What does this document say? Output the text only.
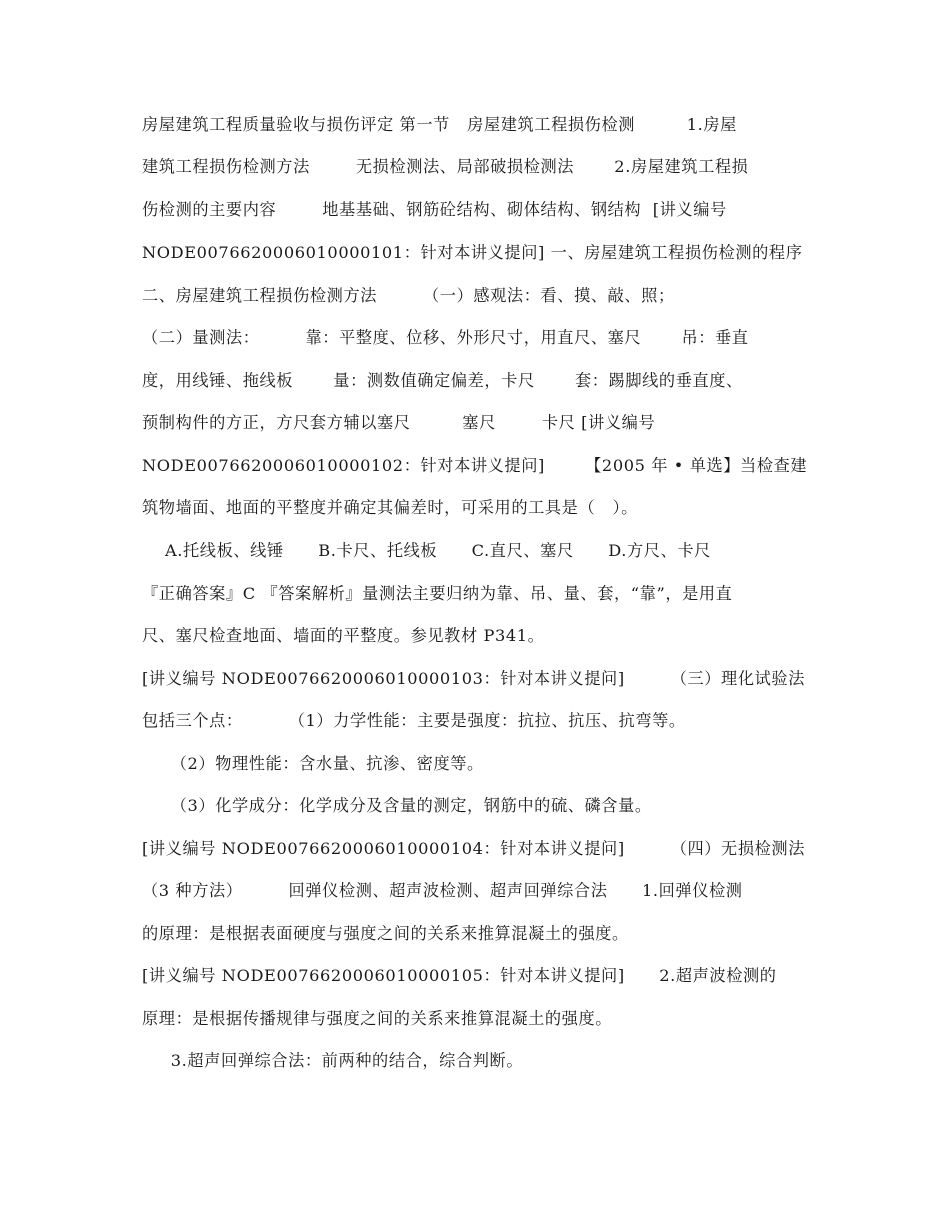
房屋建筑工程质量验收与损伤评定 第一节   房屋建筑工程损伤检测         1.房屋
建筑工程损伤检测方法        无损检测法、局部破损检测法       2.房屋建筑工程损
伤检测的主要内容        地基基础、钢筋砼结构、砌体结构、钢结构  [讲义编号
NODE0076620006010000101：针对本讲义提问] 一、房屋建筑工程损伤检测的程序
二、房屋建筑工程损伤检测方法        （一）感观法：看、摸、敲、照；
（二）量测法：        靠：平整度、位移、外形尺寸，用直尺、塞尺       吊：垂直
度，用线锤、拖线板       量：测数值确定偏差，卡尺       套：踢脚线的垂直度、
预制构件的方正，方尺套方辅以塞尺         塞尺        卡尺 [讲义编号
NODE0076620006010000102：针对本讲义提问]       【2005 年 • 单选】当检查建
筑物墙面、地面的平整度并确定其偏差时，可采用的工具是（   ）。
A.托线板、线锤      B.卡尺、托线板      C.直尺、塞尺      D.方尺、卡尺
『正确答案』C 『答案解析』量测法主要归纳为靠、吊、量、套，“靠”，是用直
尺、塞尺检查地面、墙面的平整度。参见教材 P341。
[讲义编号 NODE0076620006010000103：针对本讲义提问]        （三）理化试验法
包括三个点：        （1）力学性能：主要是强度：抗拉、抗压、抗弯等。
（2）物理性能：含水量、抗渗、密度等。
（3）化学成分：化学成分及含量的测定，钢筋中的硫、磷含量。
[讲义编号 NODE0076620006010000104：针对本讲义提问]        （四）无损检测法
（3 种方法）        回弹仪检测、超声波检测、超声回弹综合法      1.回弹仪检测
的原理：是根据表面硬度与强度之间的关系来推算混凝土的强度。
[讲义编号 NODE0076620006010000105：针对本讲义提问]      2.超声波检测的
原理：是根据传播规律与强度之间的关系来推算混凝土的强度。
3.超声回弹综合法：前两种的结合，综合判断。
